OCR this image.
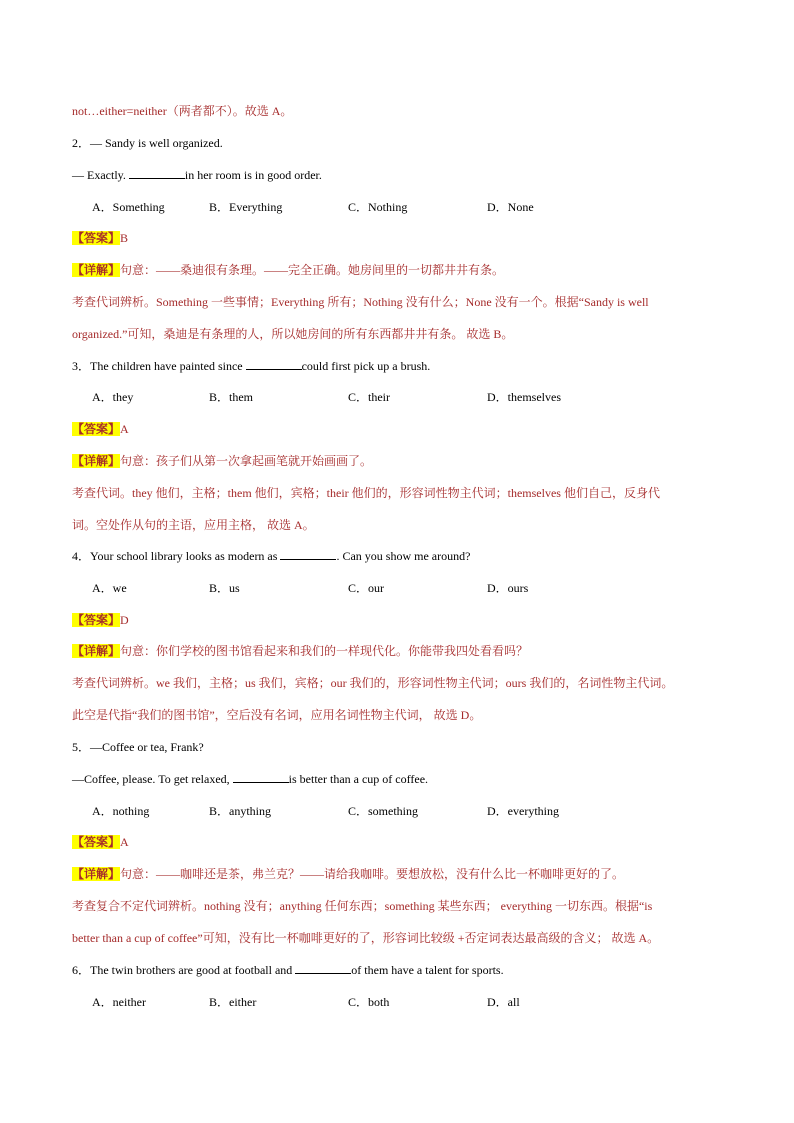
not…either=neither（两者都不）。故选 A。
2．— Sandy is well organized.
— Exactly.	in her room is in good order.
A．Something	B．Everything	C．Nothing	D．None
【答案】B
【详解】句意：——桑迪很有条理。——完全正确。她房间里的一切都井井有条。
考查代词辨析。Something 一些事情；Everything 所有；Nothing 没有什么；None 没有一个。根据“Sandy is well
organized.”可知，桑迪是有条理的人，所以她房间的所有东西都井井有条。 故选 B。
3．The children have painted since	could first pick up a brush.
A．they	B．them	C．their	D．themselves
【答案】A
【详解】句意：孩子们从第一次拿起画笔就开始画画了。
考查代词。they 他们，主格；them 他们，宾格；their 他们的，形容词性物主代词；themselves 他们自己，反身代
词。空处作从句的主语，应用主格， 故选 A。
4．Your school library looks as modern as	. Can you show me around?
A．we	B．us	C．our	D．ours
【答案】D
【详解】句意：你们学校的图书馆看起来和我们的一样现代化。你能带我四处看看吗？
考查代词辨析。we 我们，主格；us 我们，宾格；our 我们的，形容词性物主代词；ours 我们的，名词性物主代词。
此空是代指“我们的图书馆”，空后没有名词，应用名词性物主代词， 故选 D。
5．—Coffee or tea, Frank?
—Coffee, please. To get relaxed,	is better than a cup of coffee.
A．nothing	B．anything	C．something	D．everything
【答案】A
【详解】句意：——咖啡还是茶，弗兰克？——请给我咖啡。要想放松，没有什么比一杯咖啡更好的了。
考查复合不定代词辨析。nothing 没有；anything 任何东西；something 某些东西； everything 一切东西。根据“is
better than a cup of coffee”可知，没有比一杯咖啡更好的了，形容词比较级 +否定词表达最高级的含义； 故选 A。
6．The twin brothers are good at football and	of them have a talent for sports.
A．neither	B．either	C．both	D．all
